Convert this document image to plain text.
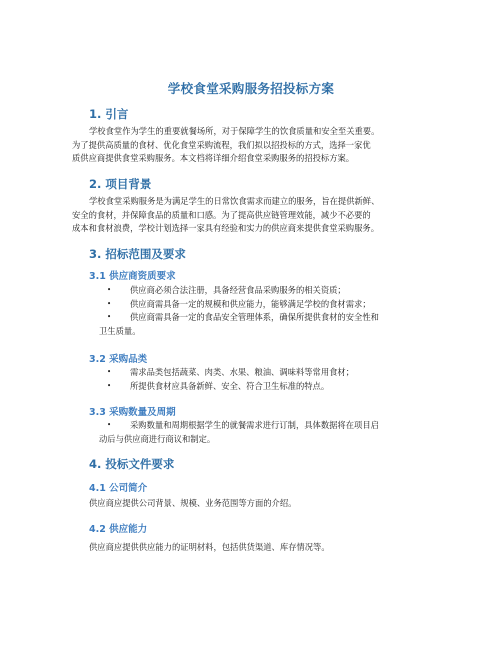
学校食堂采购服务招投标方案
1. 引言
学校食堂作为学生的重要就餐场所，对于保障学生的饮食质量和安全至关重要。
为了提供高质量的食材、优化食堂采购流程，我们拟以招投标的方式，选择一家优
质供应商提供食堂采购服务。本文档将详细介绍食堂采购服务的招投标方案。
2. 项目背景
学校食堂采购服务是为满足学生的日常饮食需求而建立的服务，旨在提供新鲜、
安全的食材，并保障食品的质量和口感。为了提高供应链管理效能，减少不必要的
成本和食材浪费，学校计划选择一家具有经验和实力的供应商来提供食堂采购服务。
3. 招标范围及要求
3.1 供应商资质要求
•	供应商必须合法注册，具备经营食品采购服务的相关资质；
•	供应商需具备一定的规模和供应能力，能够满足学校的食材需求；
•	供应商需具备一定的食品安全管理体系，确保所提供食材的安全性和
卫生质量。
3.2 采购品类
•	需求品类包括蔬菜、肉类、水果、粮油、调味料等常用食材；
•	所提供食材应具备新鲜、安全、符合卫生标准的特点。
3.3 采购数量及周期
•	采购数量和周期根据学生的就餐需求进行订制，具体数据将在项目启
动后与供应商进行商议和制定。
4. 投标文件要求
4.1 公司简介
供应商应提供公司背景、规模、业务范围等方面的介绍。
4.2 供应能力
供应商应提供供应能力的证明材料，包括供货渠道、库存情况等。
